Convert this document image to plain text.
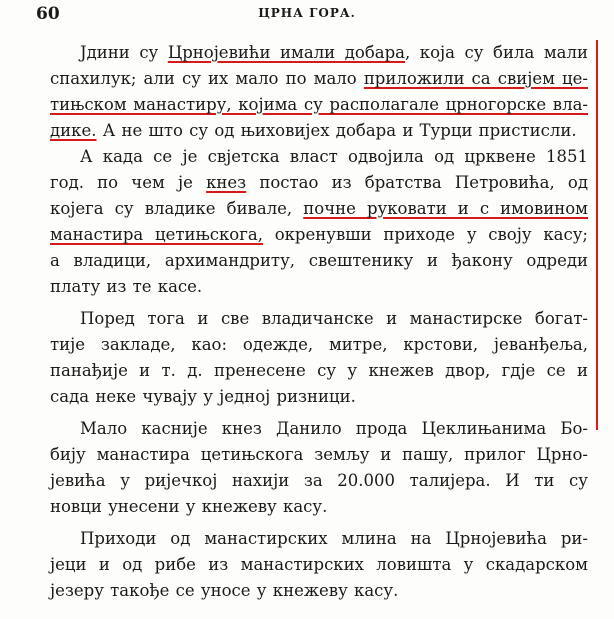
60	ЦРНА ГОРА.
Јдини су Црнојевићи имали добара, која су била мали
спахилук; али су их мало по мало приложили са свијем це-
тињском манастиру, којима су располагале црногорске вла-
дике. А не што су од њиховијех добара и Турци пристисли.
А када се је свјетска власт одвојила од црквене 1851
год. по чем је кнез постао из братства Петровића, од
којега су владике бивале, почне руковати и с имовином
манастира цетињскога, окренувши приходе у своју касу;
а владици, архимандриту, свештенику и ђакону одреди
плату из те касе.
Поред тога и све владичанске и манастирске богат-
тије закладе, као: одежде, митре, крстови, јеванђеља,
панађије и т. д. пренесене су у кнежев двор, гдје се и
сада неке чувају у једној ризници.
Мало касније кнез Данило прода Цеклињанима Бо-
бију манастира цетињскога земљу и пашу, прилог Црно-
јевића у ријечкој нахији за 20.000 талијера. И ти су
новци унесени у кнежеву касу.
Приходи од манастирских млина на Црнојевића ри-
јеци и од рибе из манастирских ловишта у скадарском
језеру такође се уносе у кнежеву касу.
